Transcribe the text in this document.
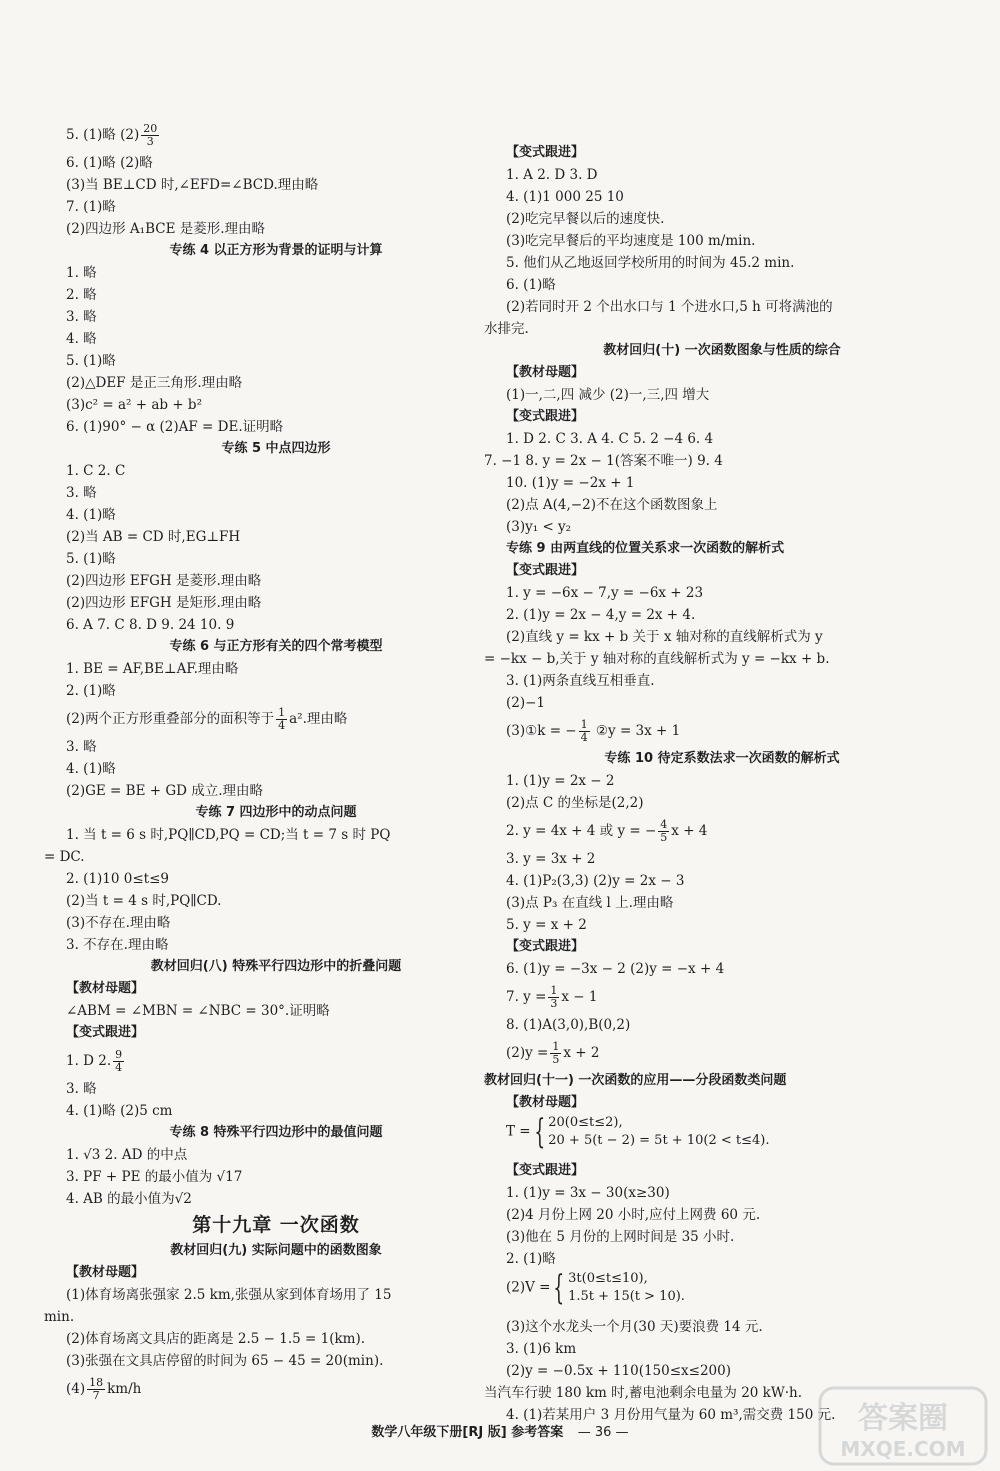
5. (1)略 $(2) \frac{20}{3}$
6. (1)略 (2)略
(3)当 BE⊥CD 时,∠EFD=∠BCD.理由略
7. (1)略
(2)四边形 A₁BCE 是菱形.理由略
专练 4 以正方形为背景的证明与计算
1. 略
2. 略
3. 略
4. 略
5. (1)略
(2)△DEF 是正三角形.理由略
(3)c² = a² + ab + b²
6. (1)90° − α (2)AF = DE.证明略
专练 5 中点四边形
1. C 2. C
3. 略
4. (1)略
(2)当 AB = CD 时,EG⊥FH
5. (1)略
(2)四边形 EFGH 是菱形.理由略
(2)四边形 EFGH 是矩形.理由略
6. A 7. C 8. D 9. 24 10. 9
专练 6 与正方形有关的四个常考模型
1. BE = AF,BE⊥AF.理由略
2. (1)略
(2)两个正方形重叠部分的面积等于 $\frac{1}{4} a^2$.理由略
3. 略
4. (1)略
(2)GE = BE + GD 成立.理由略
专练 7 四边形中的动点问题
1. 当 t = 6 s 时,PQ∥CD,PQ = CD;当 t = 7 s 时 PQ
= DC.
2. (1)10 0≤t≤9
(2)当 t = 4 s 时,PQ∥CD.
(3)不存在.理由略
3. 不存在.理由略
教材回归(八) 特殊平行四边形中的折叠问题
【教材母题】
∠ABM = ∠MBN = ∠NBC = 30°.证明略
【变式跟进】
1. D 2. $\frac{9}{4}$
3. 略
4. (1)略 (2)5 cm
专练 8 特殊平行四边形中的最值问题
1. √3 2. AD 的中点
3. PF + PE 的最小值为 √17
4. AB 的最小值为√2
第十九章 一次函数
教材回归(九) 实际问题中的函数图象
【教材母题】
(1)体育场离张强家 2.5 km,张强从家到体育场用了 15
min.
(2)体育场离文具店的距离是 2.5 − 1.5 = 1(km).
(3)张强在文具店停留的时间为 65 − 45 = 20(min).
$(4) \frac{18}{7} km/h$
【变式跟进】
1. A 2. D 3. D
4. (1)1 000 25 10
(2)吃完早餐以后的速度快.
(3)吃完早餐后的平均速度是 100 m/min.
5. 他们从乙地返回学校所用的时间为 45.2 min.
6. (1)略
(2)若同时开 2 个出水口与 1 个进水口,5 h 可将满池的
水排完.
教材回归(十) 一次函数图象与性质的综合
【教材母题】
(1)一,二,四 减少 (2)一,三,四 增大
【变式跟进】
1. D 2. C 3. A 4. C 5. 2 −4 6. 4
7. −1 8. y = 2x − 1(答案不唯一) 9. 4
10. (1)y = −2x + 1
(2)点 A(4,−2)不在这个函数图象上
(3)y₁ < y₂
专练 9 由两直线的位置关系求一次函数的解析式
【变式跟进】
1. y = −6x − 7,y = −6x + 23
2. (1)y = 2x − 4,y = 2x + 4.
(2)直线 y = kx + b 关于 x 轴对称的直线解析式为 y
= −kx − b,关于 y 轴对称的直线解析式为 y = −kx + b.
3. (1)两条直线互相垂直.
(2)−1
(3)①k = − $\frac{1}{4}$ ②y = 3x + 1
专练 10 待定系数法求一次函数的解析式
1. (1)y = 2x − 2
(2)点 C 的坐标是(2,2)
2. y = 4x + 4 或 y = − $\frac{4}{5}$ x + 4
3. y = 3x + 2
4. (1)P₂(3,3) (2)y = 2x − 3
(3)点 P₃ 在直线 l 上.理由略
5. y = x + 2
【变式跟进】
6. (1)y = −3x − 2 (2)y = −x + 4
7. $y = \frac{1}{3}$ x − 1
8. (1)A(3,0),B(0,2)
$(2)y = \frac{1}{5}$ x + 2
教材回归(十一) 一次函数的应用——分段函数类问题
【教材母题】
T = { 20(0≤t≤2),
20 + 5(t − 2) = 5t + 10(2 < t≤4).
【变式跟进】
1. (1)y = 3x − 30(x≥30)
(2)4 月份上网 20 小时,应付上网费 60 元.
(3)他在 5 月份的上网时间是 35 小时.
2. (1)略
(2)V = { 3t(0≤t≤10),
1.5t + 15(t > 10).
(3)这个水龙头一个月(30 天)要浪费 14 元.
3. (1)6 km
(2)y = −0.5x + 110(150≤x≤200)
当汽车行驶 180 km 时,蓄电池剩余电量为 20 kW·h.
4. (1)若某用户 3 月份用气量为 60 m³,需交费 150 元.
数学八年级下册[RJ 版] 参考答案 — 36 —	答案圈
MXQE.COM
